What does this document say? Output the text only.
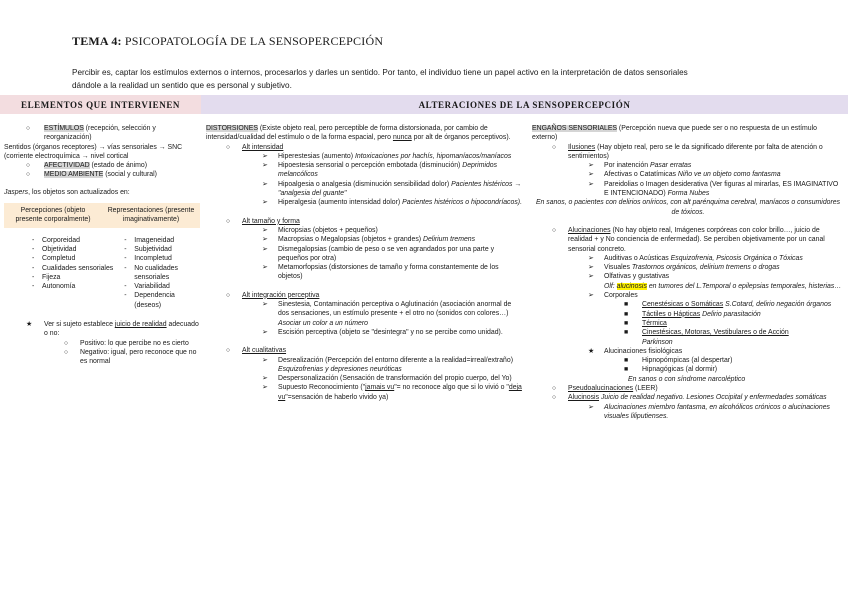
TEMA 4: PSICOPATOLOGÍA DE LA SENSOPERCEPCIÓN
Percibir es, captar los estímulos externos o internos, procesarlos y darles un sentido. Por tanto, el individuo tiene un papel activo en la interpretación de datos sensoriales
dándole a la realidad un sentido que es personal y subjetivo.
ELEMENTOS QUE INTERVIENEN	ALTERACIONES DE LA SENSOPERCEPCIÓN
○ ESTÍMULOS (recepción, selección y reorganización)
Sentidos (órganos receptores) → vías sensoriales → SNC (corriente electroquímica → nivel cortical
○ AFECTIVIDAD (estado de ánimo)
○ MEDIO AMBIENTE (social y cultural)
Jaspers, los objetos son actualizados en:
Percepciones (objeto presente corporalmente)
Representaciones (presente imaginativamente)
- Corporeidad
- Objetividad
- Completud
- Cualidades sensoriales
- Fijeza
- Autonomía
- Imageneidad
- Subjetividad
- Incompletud
- No cualidades sensoriales
- Variabilidad
- Dependencia (deseos)
★ Ver si sujeto establece juicio de realidad adecuado o no:
○ Positivo: lo que percibe no es cierto
○ Negativo: igual, pero reconoce que no es normal
DISTORSIONES (Existe objeto real, pero perceptible de forma distorsionada, por cambio de intensidad/cualidad del estímulo o de la forma espacial, pero nunca por alt de órganos perceptivos).
○ Alt intensidad
➢ Hiperestesias (aumento) Intoxicaciones por hachís, hipomaníacos/maníacos
➢ Hipoestesia sensorial o percepción embotada (disminución) Deprimidos melancólicos
➢ Hipoalgesia o analgesia (disminución sensibilidad dolor) Pacientes histéricos → "analgesia del guante"
➢ Hiperalgesia (aumento intensidad dolor) Pacientes histéricos o hipocondríacos).
○ Alt tamaño y forma
➢ Micropsias (objetos + pequeños)
➢ Macropsias o Megalopsias (objetos + grandes) Delirium tremens
➢ Dismegalopsias (cambio de peso o se ven agrandados por una parte y pequeños por otra)
➢ Metamorfopsias (distorsiones de tamaño y forma constantemente de los objetos)
○ Alt integración perceptiva
➢ Sinestesia, Contaminación perceptiva o Aglutinación (asociación anormal de dos sensaciones, un estímulo presente + el otro no (sonidos con colores…) Asociar un color a un número
➢ Escisión perceptiva (objeto se "desintegra" y no se percibe como unidad).
○ Alt cualitativas
➢ Desrealización (Percepción del entorno diferente a la realidad=irreal/extraño) Esquizofrenias y depresiones neuróticas
➢ Despersonalización (Sensación de transformación del propio cuerpo, del Yo)
➢ Supuesto Reconocimiento ("jamais vu"= no reconoce algo que si lo vivió o "deja vu"=sensación de haberlo vivido ya)
ENGAÑOS SENSORIALES (Percepción nueva que puede ser o no respuesta de un estímulo externo)
○ Ilusiones (Hay objeto real, pero se le da significado diferente por falta de atención o sentimientos)
➢ Por inatención Pasar erratas
➢ Afectivas o Catatímicas Niño ve un objeto como fantasma
➢ Pareidolias o Imagen desiderativa (Ver figuras al mirarlas, ES IMAGINATIVO E INTENCIONADO) Forma Nubes
En sanos, o pacientes con delirios oníricos, con alt parénquima cerebral, maníacos o consumidores de tóxicos.
○ Alucinaciones (No hay objeto real, Imágenes corpóreas con color brillo…, juicio de realidad + y No conciencia de enfermedad). Se perciben objetivamente por un canal sensorial concreto.
➢ Auditivas o Acústicas Esquizofrenia, Psicosis Orgánica o Tóxicas
➢ Visuales Trastornos orgánicos, delirium tremens o drogas
➢ Olfativas y gustativas
Olf: alucinosis en tumores del L.Temporal o epilepsias temporales, histerias…
➢ Corporales
■ Cenestésicas o Somáticas S.Cotard, delirio negación órganos
■ Táctiles o Hápticas Delirio parasitación
■ Térmica
■ Cinestésicas, Motoras, Vestibulares o de Acción
Parkinson
★ Alucinaciones fisiológicas
■ Hipnopómpicas (al despertar)
■ Hipnagógicas (al dormir)
En sanos o con síndrome narcoléptico
○ Pseudoalucinaciones (LEER)
○ Alucinosis Juicio de realidad negativo. Lesiones Occipital y enfermedades somáticas
➢ Alucinaciones miembro fantasma, en alcohólicos crónicos o alucinaciones visuales liliputienses.
